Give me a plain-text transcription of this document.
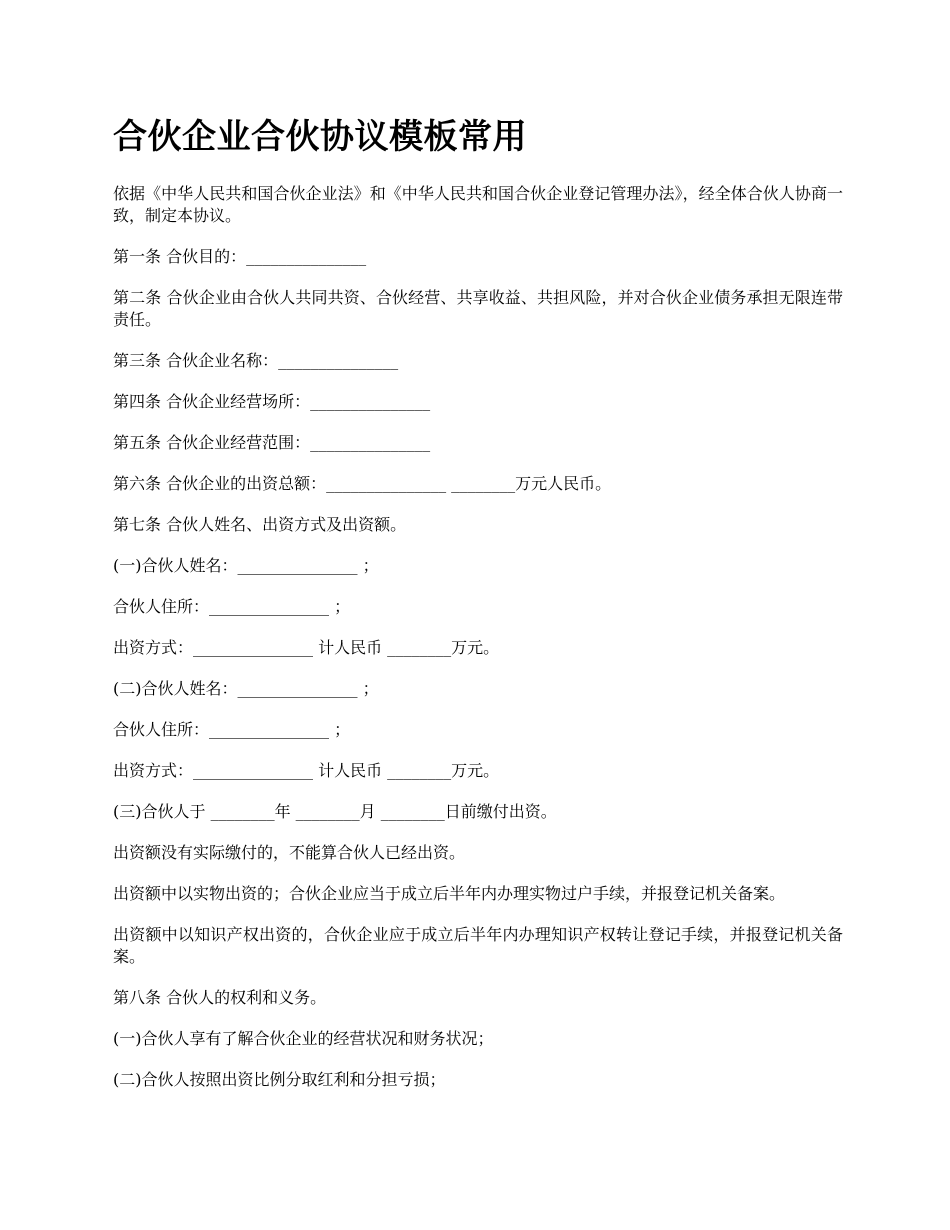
合伙企业合伙协议模板常用

依据《中华人民共和国合伙企业法》和《中华人民共和国合伙企业登记管理办法》，经全体合伙人协商一致，制定本协议。

第一条 合伙目的：_______________

第二条 合伙企业由合伙人共同共资、合伙经营、共享收益、共担风险，并对合伙企业债务承担无限连带责任。

第三条 合伙企业名称：_______________

第四条 合伙企业经营场所：_______________

第五条 合伙企业经营范围：_______________

第六条 合伙企业的出资总额：_______________ ________万元人民币。

第七条 合伙人姓名、出资方式及出资额。

(一)合伙人姓名：_______________ ；

合伙人住所：_______________ ；

出资方式：_______________ 计人民币 ________万元。

(二)合伙人姓名：_______________ ；

合伙人住所：_______________ ；

出资方式：_______________ 计人民币 ________万元。

(三)合伙人于 ________年 ________月 ________日前缴付出资。

出资额没有实际缴付的，不能算合伙人已经出资。

出资额中以实物出资的；合伙企业应当于成立后半年内办理实物过户手续，并报登记机关备案。

出资额中以知识产权出资的，合伙企业应于成立后半年内办理知识产权转让登记手续，并报登记机关备案。

第八条 合伙人的权利和义务。

(一)合伙人享有了解合伙企业的经营状况和财务状况；

(二)合伙人按照出资比例分取红利和分担亏损；
